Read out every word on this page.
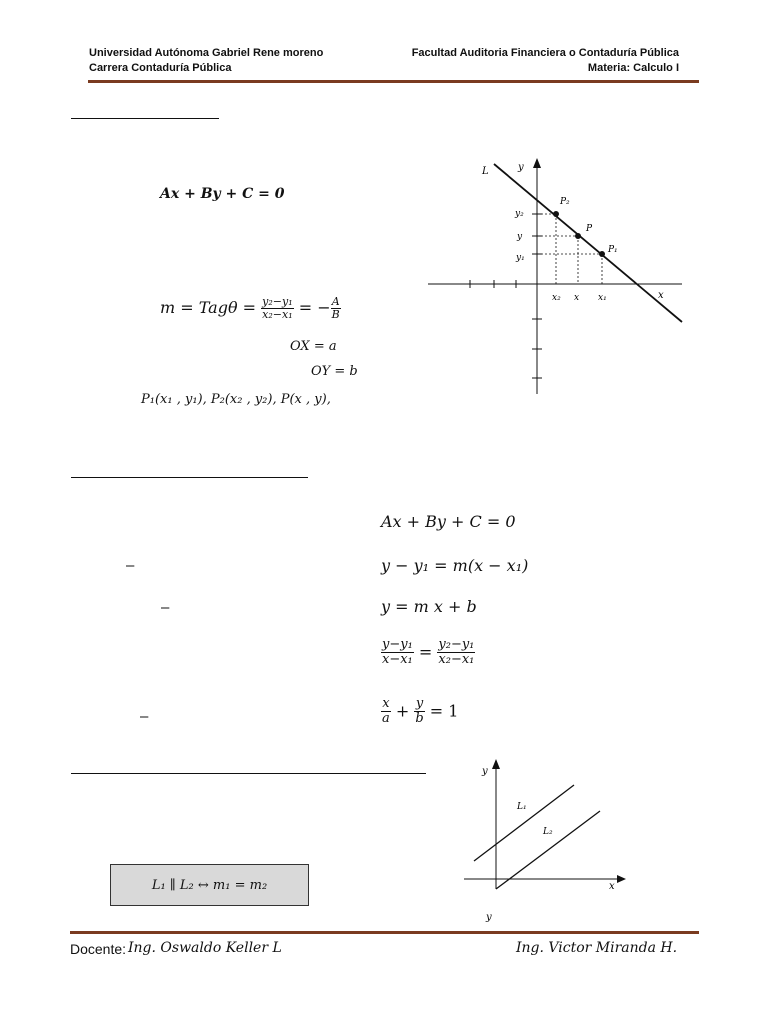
Universidad Autónoma Gabriel Rene moreno
Carrera Contaduría Pública
Facultad Auditoria Financiera o Contaduría Pública
Materia: Calculo I
Ax + By + C = 0
$m = Tag\theta = \frac{\text{y₂−y₁}}{\text{x₂−x₁}}$ = − $\frac{A}{B}$
OX = a
OY = b
P₁(x₁ , y₁), P₂(x₂ , y₂), P(x , y),
L	y
x
P₂
P
P₁
y₂
y
y₁
x₂ x x₁
Ax + By + C = 0
–	y − y₁ = m(x − x₁)
–	y = m x + b
$\frac{\text{y−y₁}}{\text{x−x₁}} = \frac{\text{y₂−y₁}}{\text{x₂−x₁}}$
–	$\frac{x}{a} + \frac{y}{b} = 1$
L₁ ∥ L₂ ↔ m₁ = m₂
y
x
y
L₁
L₂
Docente: Ing. Oswaldo Keller L	Ing. Victor Miranda H.
